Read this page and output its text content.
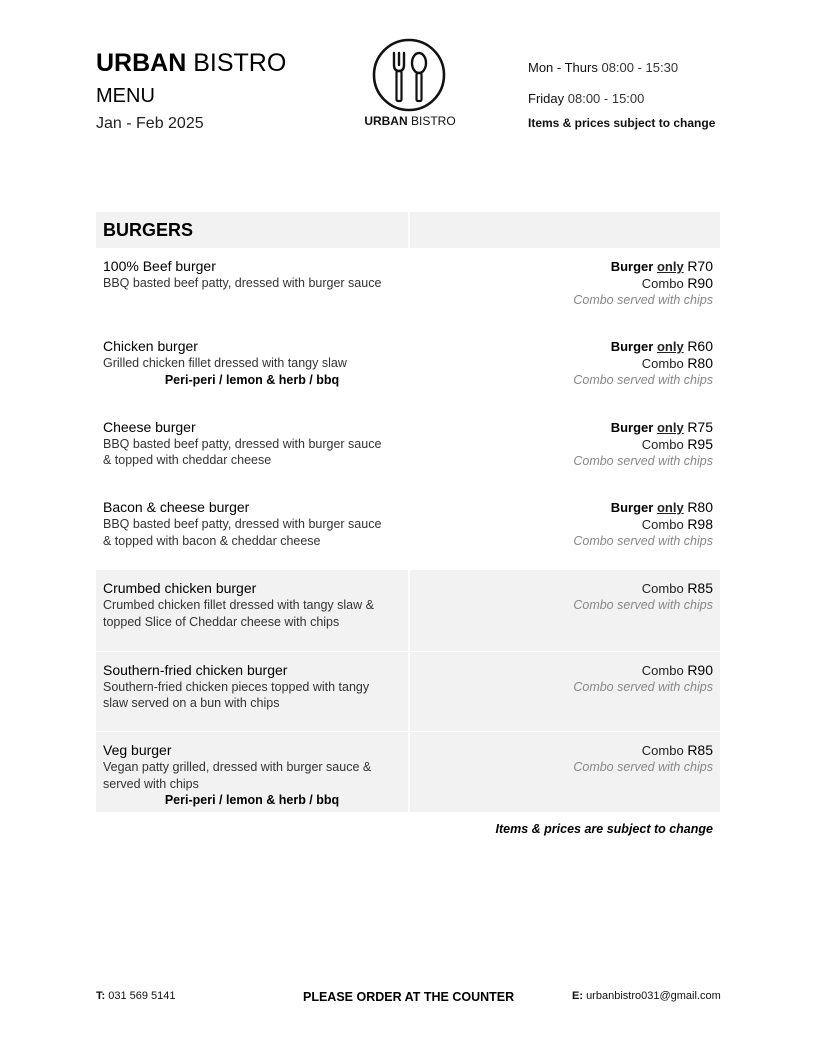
URBAN BISTRO
MENU
Jan - Feb 2025	URBAN BISTRO
Mon - Thurs 08:00 - 15:30
Friday 08:00 - 15:00
Items & prices subject to change
BURGERS
100% Beef burger
BBQ basted beef patty, dressed with burger sauce
Burger only R70
Combo R90
Combo served with chips
Chicken burger
Grilled chicken fillet dressed with tangy slaw
Peri-peri / lemon & herb / bbq
Burger only R60
Combo R80
Combo served with chips
Cheese burger
BBQ basted beef patty, dressed with burger sauce
& topped with cheddar cheese
Burger only R75
Combo R95
Combo served with chips
Bacon & cheese burger
BBQ basted beef patty, dressed with burger sauce
& topped with bacon & cheddar cheese
Burger only R80
Combo R98
Combo served with chips
Crumbed chicken burger
Crumbed chicken fillet dressed with tangy slaw &
topped Slice of Cheddar cheese with chips
Combo R85
Combo served with chips
Southern-fried chicken burger
Southern-fried chicken pieces topped with tangy
slaw served on a bun with chips
Combo R90
Combo served with chips
Veg burger
Vegan patty grilled, dressed with burger sauce &
served with chips
Peri-peri / lemon & herb / bbq
Combo R85
Combo served with chips
Items & prices are subject to change
T: 031 569 5141	PLEASE ORDER AT THE COUNTER	E: urbanbistro031@gmail.com
